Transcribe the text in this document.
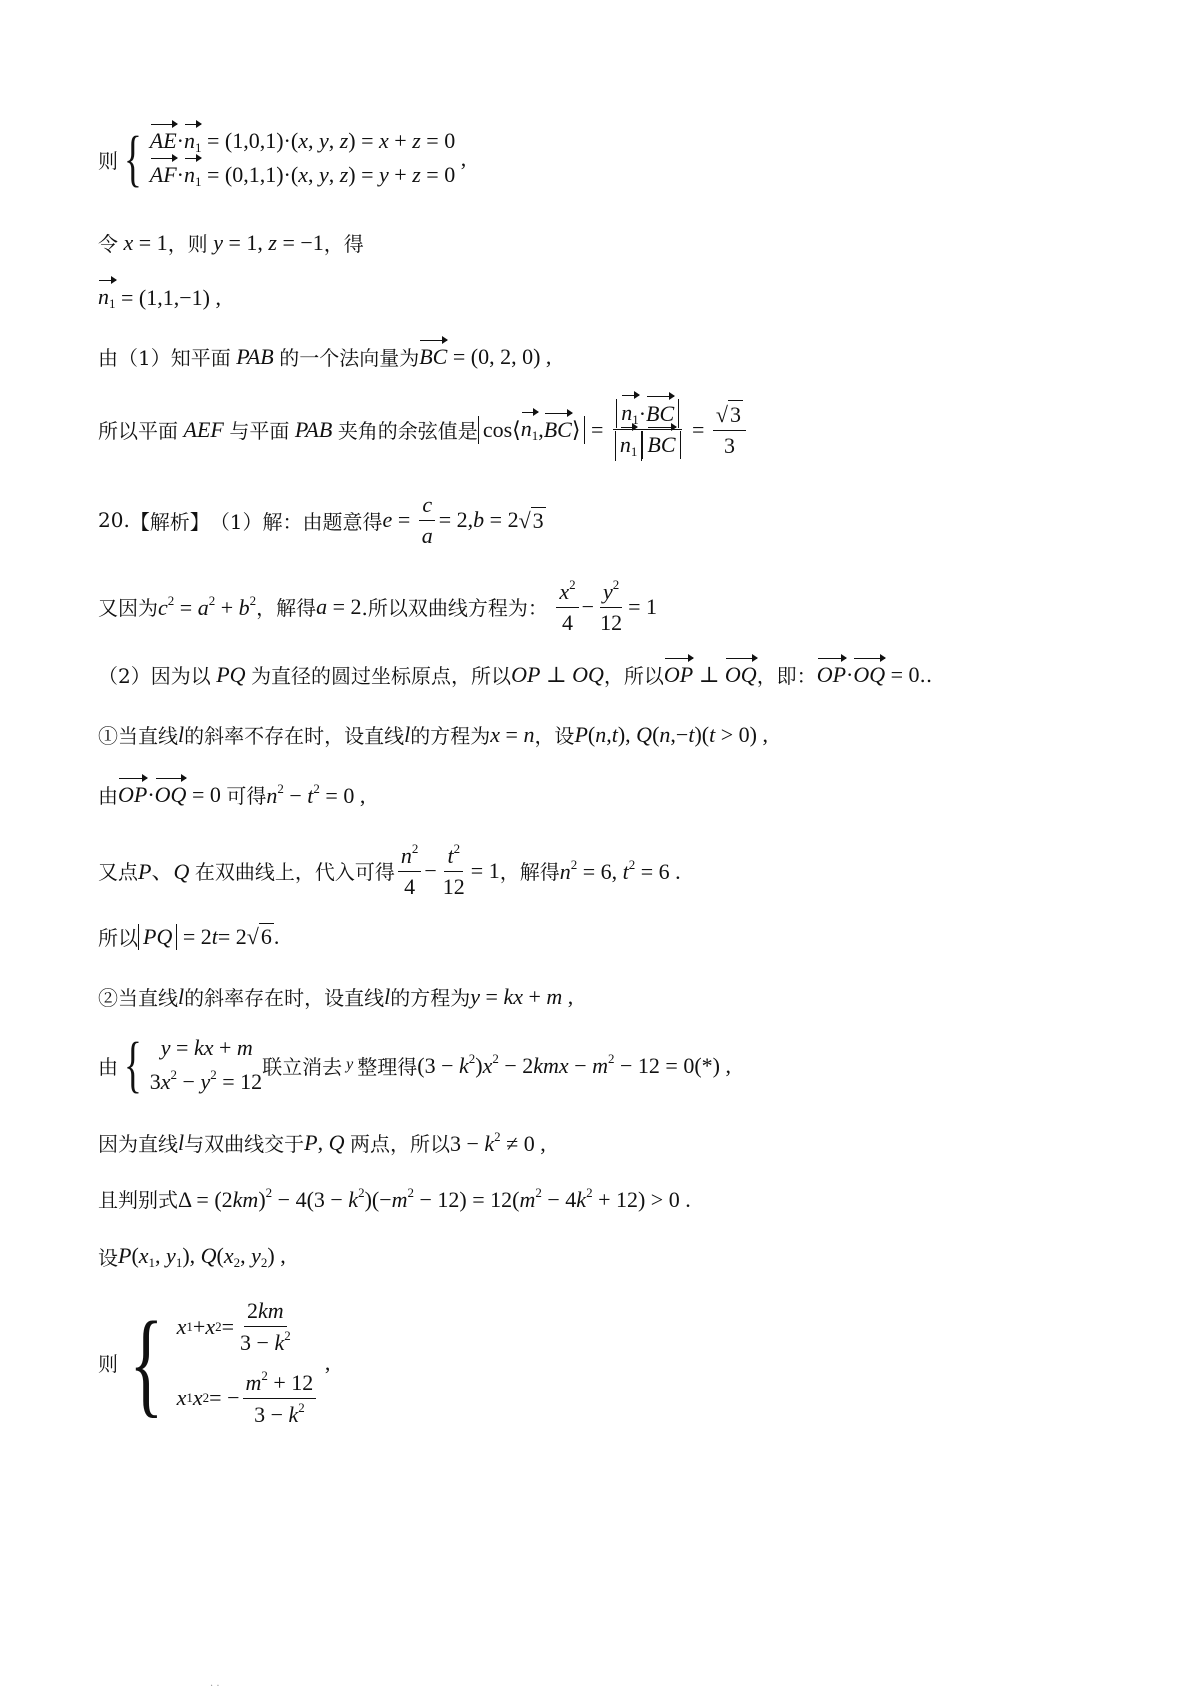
则 { $AE\cdot n_1 = (1,0,1)\cdot(x$, y, z) = x + z = 0
$AF\cdot n_1 = (0,1,1)\cdot(x$, y, z) = y + z = 0
,
令 x = 1 ，则 y = 1, z = −1 ，得
$n_1 = (1,1,-1)$ ,
由（1）知平面 PAB 的一个法向量为 BC = (0, 2, 0) ,
所以平面 AEF 与平面 PAB 夹角的余弦值是 cos⟨ $n_1$ , BC ⟩ = $\frac{n_1 \cdot BC}{n_1 BC} = \frac{√ 3}{3}$
20. 【解析】 （1）解：由题意得 $e = \frac{c}{a} = 2$, b = 2 √ 3
又因为 $c^2 = a^2 + b^2$ ，解得 a = 2 .所以双曲线方程为：
$\frac{x^2}{4} - \frac{y^2}{12} = 1$
（2）因为以 PQ 为直径的圆过坐标原点，所以 OP ⊥ OQ ，所以 OP ⊥ OQ ，即： OP·OQ = 0 ..
①当直线 l 的斜率不存在时，设直线 l 的方程为 x = n ，设 P(n,t), Q(n,−t)(t > 0) ,
由 OP·OQ = 0 可得 $n^2 - t^2 = 0$ ,
又点 P、Q 在双曲线上，代入可得 $\frac{n^2}{4} - \frac{t^2}{12} = 1$ ，解得 $n^2 = 6$, $t^2 = 6$ .
所以 PQ = 2 t = 2 √ 6 .
②当直线 l 的斜率存在时，设直线 l 的方程为 y = kx + m ,
由 { y = kx + m
$3x^2 - y^2 = 12$
联立消去 y 整理得 $(3 - k^2)x^2 - 2kmx - m^2 - 12 = 0(*)$ ,
因为直线 l 与双曲线交于 P, Q 两点，所以 $3 - k^2 \ne 0$ ,
且判别式 $\Delta = (2km)^2 - 4(3 - k^2)(-m^2 - 12) = 12(m^2 - 4k^2 + 12) > 0$ .
设 $P(x_1$, $y_1$), $Q(x_2$, $y_2$) ,
则 { x 1 + x $2 = \frac{2km}{3 - k^2}$
x 1 x 2 = − $\frac{m^2 + 12}{3 - k^2}$
,
. .
